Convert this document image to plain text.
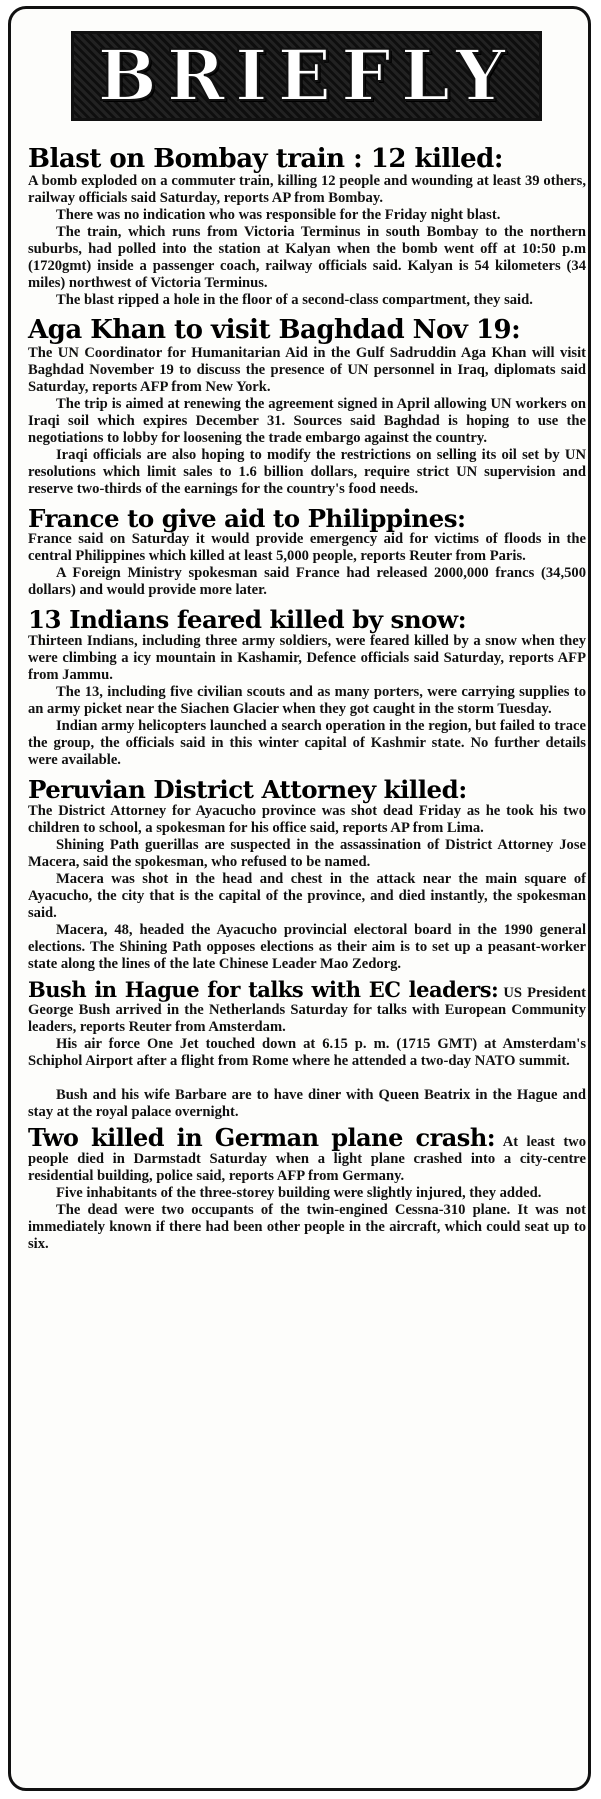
BRIEFLY
Blast on Bombay train : 12 killed:

A bomb exploded on a commuter train, killing 12 people and wounding at least 39 others, railway officials said Saturday, reports AP from Bombay.

There was no indication who was responsible for the Friday night blast.

The train, which runs from Victoria Terminus in south Bombay to the northern suburbs, had polled into the station at Kalyan when the bomb went off at 10:50 p.m (1720gmt) inside a passenger coach, railway officials said. Kalyan is 54 kilometers (34 miles) northwest of Victoria Terminus.

The blast ripped a hole in the floor of a second-class compartment, they said.

Aga Khan to visit Baghdad Nov 19:

The UN Coordinator for Humanitarian Aid in the Gulf Sadruddin Aga Khan will visit Baghdad November 19 to discuss the presence of UN personnel in Iraq, diplomats said Saturday, reports AFP from New York.

The trip is aimed at renewing the agreement signed in April allowing UN workers on Iraqi soil which expires December 31. Sources said Baghdad is hoping to use the negotiations to lobby for loosening the trade embargo against the country.

Iraqi officials are also hoping to modify the restrictions on selling its oil set by UN resolutions which limit sales to 1.6 billion dollars, require strict UN supervision and reserve two-thirds of the earnings for the country's food needs.

France to give aid to Philippines:

France said on Saturday it would provide emergency aid for victims of floods in the central Philippines which killed at least 5,000 people, reports Reuter from Paris.

A Foreign Ministry spokesman said France had released 2000,000 francs (34,500 dollars) and would provide more later.

13 Indians feared killed by snow:

Thirteen Indians, including three army soldiers, were feared killed by a snow when they were climbing a icy mountain in Kashamir, Defence officials said Saturday, reports AFP from Jammu.

The 13, including five civilian scouts and as many porters, were carrying supplies to an army picket near the Siachen Glacier when they got caught in the storm Tuesday.

Indian army helicopters launched a search operation in the region, but failed to trace the group, the officials said in this winter capital of Kashmir state. No further details were available.

Peruvian District Attorney killed:

The District Attorney for Ayacucho province was shot dead Friday as he took his two children to school, a spokesman for his office said, reports AP from Lima.

Shining Path guerillas are suspected in the assassination of District Attorney Jose Macera, said the spokesman, who refused to be named.

Macera was shot in the head and chest in the attack near the main square of Ayacucho, the city that is the capital of the province, and died instantly, the spokesman said.

Macera, 48, headed the Ayacucho provincial electoral board in the 1990 general elections. The Shining Path opposes elections as their aim is to set up a peasant-worker state along the lines of the late Chinese Leader Mao Zedorg.

Bush in Hague for talks with EC leaders: US President George Bush arrived in the Netherlands Saturday for talks with European Community leaders, reports Reuter from Amsterdam.

His air force One Jet touched down at 6.15 p. m. (1715 GMT) at Amsterdam's Schiphol Airport after a flight from Rome where he attended a two-day NATO summit.

Bush and his wife Barbare are to have diner with Queen Beatrix in the Hague and stay at the royal palace overnight.

Two killed in German plane crash: At least two people died in Darmstadt Saturday when a light plane crashed into a city-centre residential building, police said, reports AFP from Germany.

Five inhabitants of the three-storey building were slightly injured, they added.

The dead were two occupants of the twin-engined Cessna-310 plane. It was not immediately known if there had been other people in the aircraft, which could seat up to six.
